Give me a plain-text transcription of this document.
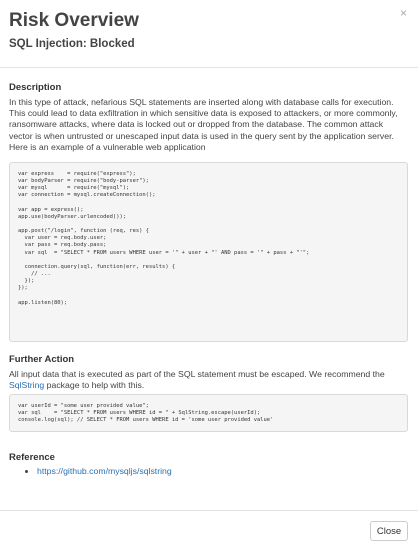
Risk Overview
SQL Injection: Blocked
×
Description

In this type of attack, nefarious SQL statements are inserted along with database calls for execution. This could lead to data exfiltration in which sensitive data is exposed to attackers, or more commonly, ransomware attacks, where data is locked out or dropped from the database. The common attack vector is when untrusted or unescaped input data is used in the query sent by the application server. Here is an example of a vulnerable web application

var express    = require("express");
var bodyParser = require("body-parser");
var mysql      = require("mysql");
var connection = mysql.createConnection();
var app = express();
app.use(bodyParser.urlencoded());
app.post("/login", function (req, res) {
var user = req.body.user;
var pass = req.body.pass;
var sql  = "SELECT * FROM users WHERE user = '" + user + "' AND pass = '" + pass + "'";
connection.query(sql, function(err, results) {
// ...
});
});
app.listen(80);
Further Action

All input data that is executed as part of the SQL statement must be escaped. We recommend the SqlString package to help with this.

var userId = "some user provided value";
var sql    = "SELECT * FROM users WHERE id = " + SqlString.escape(userId);
console.log(sql); // SELECT * FROM users WHERE id = 'some user provided value'
Reference
https://github.com/mysqljs/sqlstring
Close
